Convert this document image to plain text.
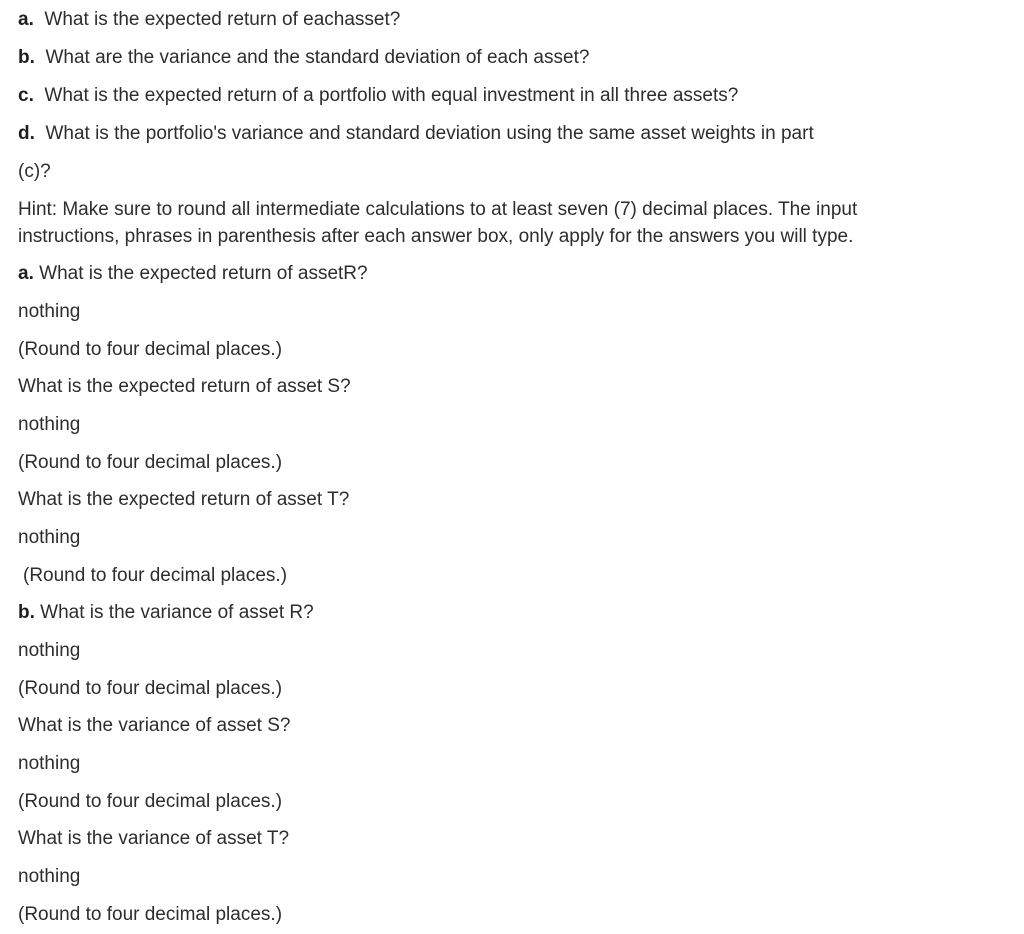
a. What is the expected return of eachasset?
b. What are the variance and the standard deviation of each asset?
c. What is the expected return of a portfolio with equal investment in all three assets?
d. What is the portfolio's variance and standard deviation using the same asset weights in part
(c)?
Hint: Make sure to round all intermediate calculations to at least seven (7) decimal places. The input
instructions, phrases in parenthesis after each answer box, only apply for the answers you will type.
a. What is the expected return of assetR?
nothing
(Round to four decimal places.)
What is the expected return of asset S?
nothing
(Round to four decimal places.)
What is the expected return of asset T?
nothing
(Round to four decimal places.)
b. What is the variance of asset R?
nothing
(Round to four decimal places.)
What is the variance of asset S?
nothing
(Round to four decimal places.)
What is the variance of asset T?
nothing
(Round to four decimal places.)
